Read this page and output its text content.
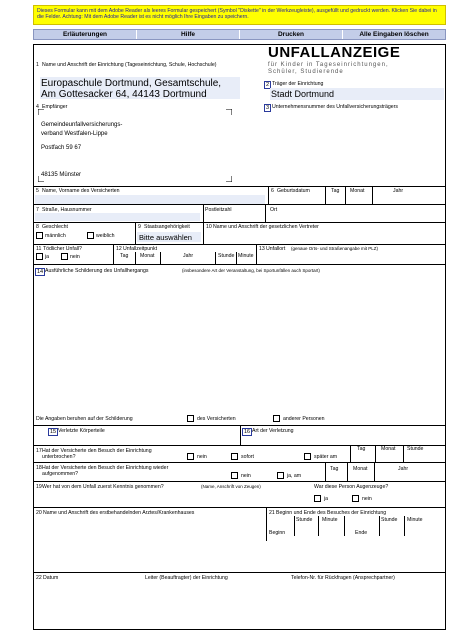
Dieses Formular kann mit dem Adobe Reader als leeres Formular gespeichert (Symbol "Diskette" in der Werkzeugleiste), ausgefüllt und gedruckt werden. Klicken Sie dabei in die Felder. Achtung: Mit dem Adobe Reader ist es nicht möglich Ihre Eingaben zu speichern.
Erläuterungen	Hilfe	Drucken	Alle Eingaben löschen
1 Name und Anschrift der Einrichtung (Tageseinrichtung, Schule, Hochschule)
Europaschule Dortmund, Gesamtschule,
Am Gottesacker 64, 44143 Dortmund
UNFALLANZEIGE
für Kinder in Tageseinrichtungen, Schüler, Studierende
2 Träger der Einrichtung
Stadt Dortmund
3 Unternehmensnummer des Unfallversicherungsträgers
4 Empfänger
Gemeindeunfallversicherungs-
verband Westfalen-Lippe
Postfach 59 67
48135 Münster
5 Name, Vorname des Versicherten	6 Geburtsdatum	Tag Monat	Jahr
7 Straße, Hausnummer	Postleitzahl	Ort
8 Geschlecht
männlich	weiblich
9 Staatsangehörigkeit
Bitte auswählen
10 Name und Anschrift der gesetzlichen Vertreter
11 Tödlicher Unfall?
ja	nein
12 Unfallzeitpunkt
Tag Monat	Jahr	Stunde Minute
13 Unfallort (genaue Orts- und Straßenangabe mit PLZ)
14 Ausführliche Schilderung des Unfallhergangs	(insbesondere Art der Veranstaltung, bei Sportunfällen auch Sportart)
Die Angaben beruhen auf der Schilderung	des Versicherten	anderer Personen
15 Verletzte Körperteile	16 Art der Verletzung
17 Hat der Versicherte den Besuch der Einrichtung unterbrochen?	nein	sofort	später am
Tag	Monat Stunde
18 Hat der Versicherte den Besuch der Einrichtung wieder aufgenommen?	nein	ja, am
Tag	Monat	Jahr
19 Wer hat von dem Unfall zuerst Kenntnis genommen?	(Name, Anschrift von Zeugen)	War diese Person Augenzeuge?
ja	nein
20 Name und Anschrift des erstbehandelnden Arztes/Krankenhauses	21 Beginn und Ende des Besuches der Einrichtung
Stunde Minute	Stunde Minute
Beginn	Ende
22 Datum	Leiter (Beauftragter) der Einrichtung	Telefon-Nr. für Rückfragen (Ansprechpartner)
